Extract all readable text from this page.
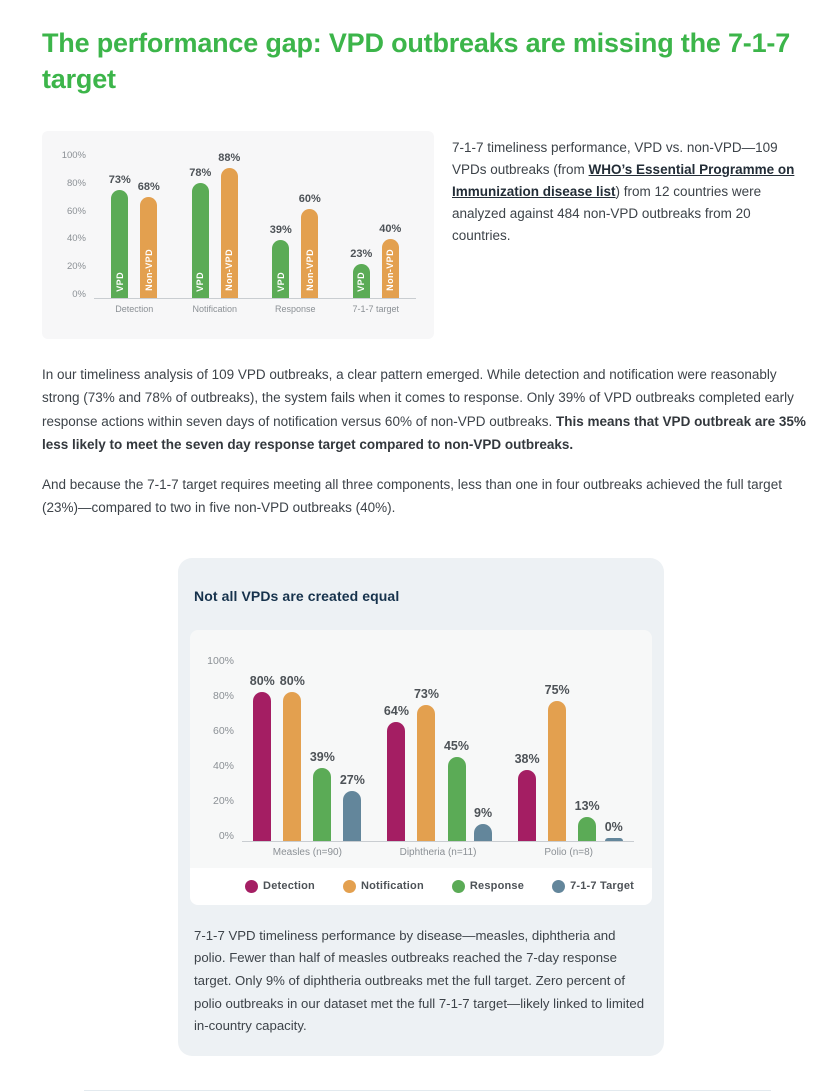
The performance gap: VPD outbreaks are missing the 7-1-7 target
100%
80%
60%
40%
20%
0%
73%
VPD
68%
Non-VPD
78%
VPD
88%
Non-VPD
39%
VPD
60%
Non-VPD	23%
VPD
40%
Non-VPD
Detection	Notification	Response	7-1-7 target

7-1-7 timeliness performance, VPD vs. non-VPD—109 VPDs outbreaks (from WHO’s Essential Programme on Immunization disease list) from 12 countries were analyzed against 484 non-VPD outbreaks from 20 countries.

In our timeliness analysis of 109 VPD outbreaks, a clear pattern emerged. While detection and notification were reasonably strong (73% and 78% of outbreaks), the system fails when it comes to response. Only 39% of VPD outbreaks completed early response actions within seven days of notification versus 60% of non-VPD outbreaks. This means that VPD outbreak are 35% less likely to meet the seven day response target compared to non-VPD outbreaks.

And because the 7-1-7 target requires meeting all three components, less than one in four outbreaks achieved the full target (23%)—compared to two in five non-VPD outbreaks (40%).

Not all VPDs are created equal
100%
80%
60%
40%
20%
0%
80% 80%
39%
27%
64%
73%
45%
9%
38%
75%
13%
0%
Measles (n=90)	Diphtheria (n=11)	Polio (n=8)
Detection	Notification	Response	7-1-7 Target

7-1-7 VPD timeliness performance by disease—measles, diphtheria and polio. Fewer than half of measles outbreaks reached the 7-day response target. Only 9% of diphtheria outbreaks met the full target. Zero percent of polio outbreaks in our dataset met the full 7-1-7 target—likely linked to limited in-country capacity.
